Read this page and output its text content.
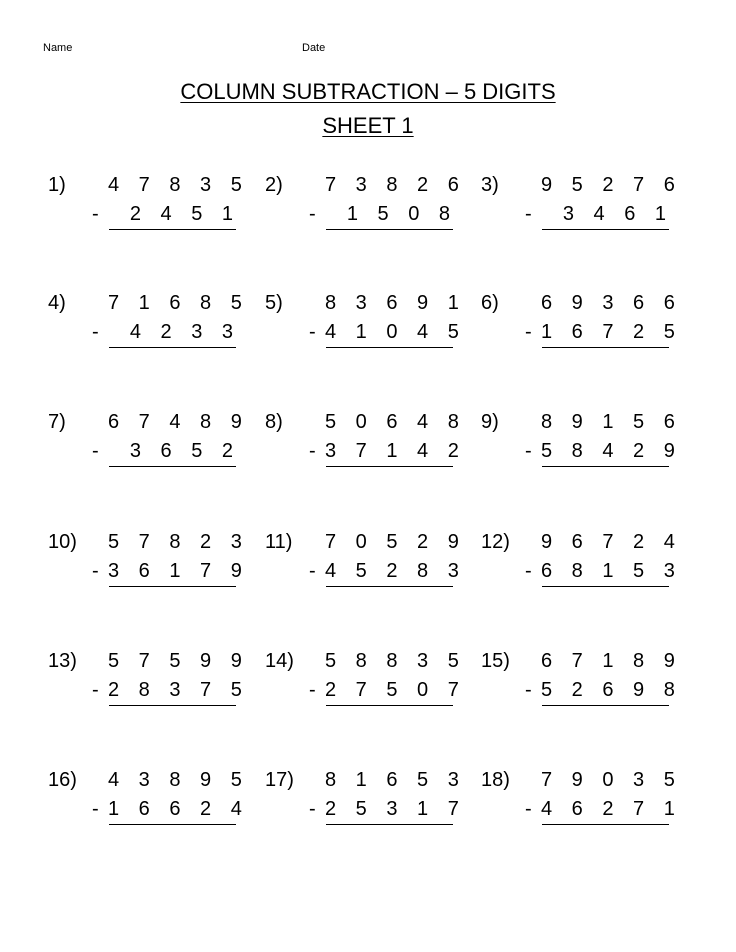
Name	Date
COLUMN SUBTRACTION – 5 DIGITS
SHEET 1
1) 4 7 8 3 5
-	2 4 5 1
2) 7 3 8 2 6
-	1 5 0 8
3) 9 5 2 7 6
-	3 4 6 1
4) 7 1 6 8 5
-	4 2 3 3
5) 8 3 6 9 1
- 4 1 0 4 5
6) 6 9 3 6 6
- 1 6 7 2 5
7) 6 7 4 8 9
-	3 6 5 2
8) 5 0 6 4 8
- 3 7 1 4 2
9) 8 9 1 5 6
- 5 8 4 2 9
10) 5 7 8 2 3
- 3 6 1 7 9
11) 7 0 5 2 9
- 4 5 2 8 3
12) 9 6 7 2 4
- 6 8 1 5 3
13) 5 7 5 9 9
- 2 8 3 7 5
14) 5 8 8 3 5
- 2 7 5 0 7
15) 6 7 1 8 9
- 5 2 6 9 8
16) 4 3 8 9 5
- 1 6 6 2 4
17) 8 1 6 5 3
- 2 5 3 1 7
18) 7 9 0 3 5
- 4 6 2 7 1
